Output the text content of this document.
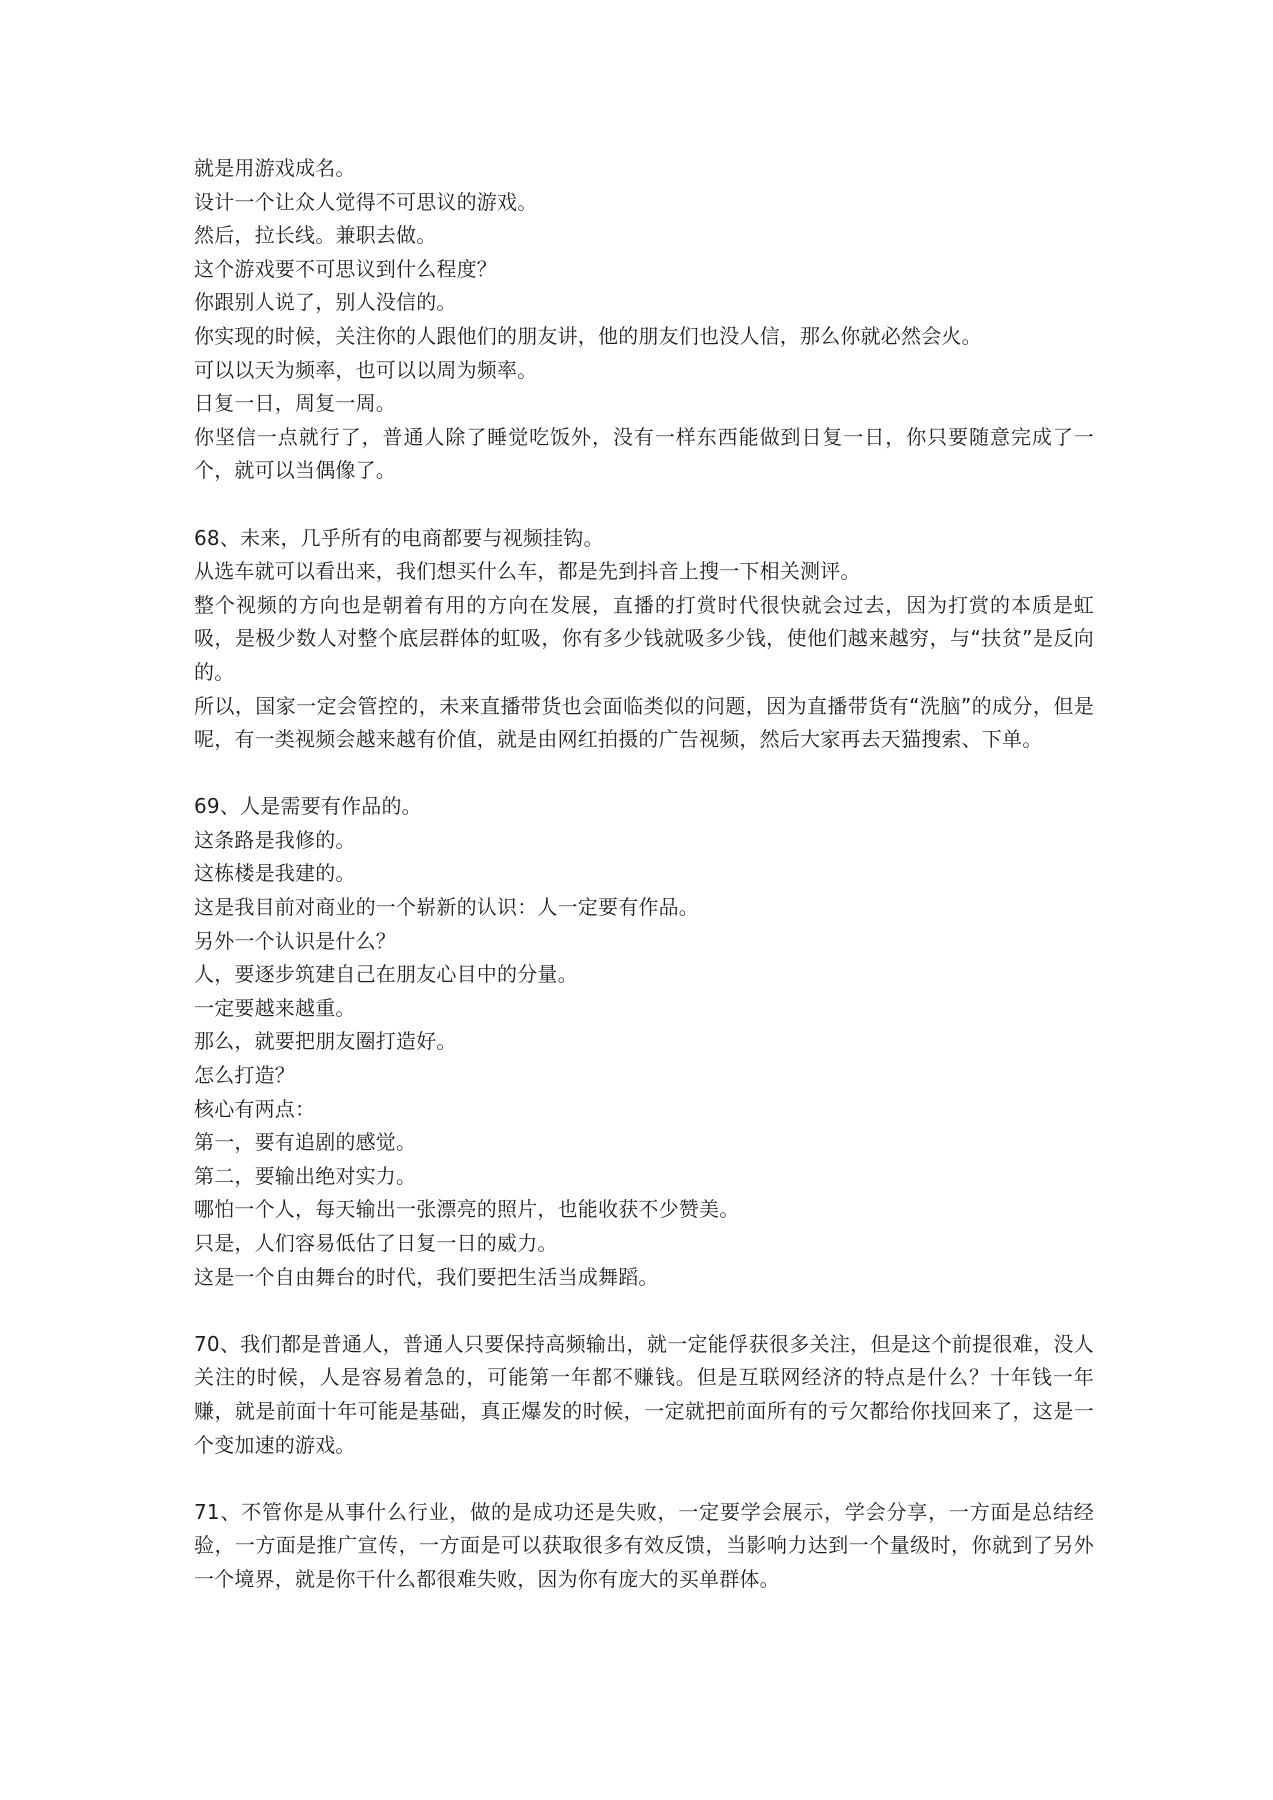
就是用游戏成名。
设计一个让众人觉得不可思议的游戏。
然后，拉长线。兼职去做。
这个游戏要不可思议到什么程度？
你跟别人说了，别人没信的。
你实现的时候，关注你的人跟他们的朋友讲，他的朋友们也没人信，那么你就必然会火。
可以以天为频率，也可以以周为频率。
日复一日，周复一周。

你坚信一点就行了，普通人除了睡觉吃饭外，没有一样东西能做到日复一日，你只要随意完成了一个，就可以当偶像了。

68、未来，几乎所有的电商都要与视频挂钩。
从选车就可以看出来，我们想买什么车，都是先到抖音上搜一下相关测评。

整个视频的方向也是朝着有用的方向在发展，直播的打赏时代很快就会过去，因为打赏的本质是虹吸，是极少数人对整个底层群体的虹吸，你有多少钱就吸多少钱，使他们越来越穷，与“扶贫”是反向的。

所以，国家一定会管控的，未来直播带货也会面临类似的问题，因为直播带货有“洗脑”的成分，但是呢，有一类视频会越来越有价值，就是由网红拍摄的广告视频，然后大家再去天猫搜索、下单。

69、人是需要有作品的。
这条路是我修的。
这栋楼是我建的。
这是我目前对商业的一个崭新的认识：人一定要有作品。
另外一个认识是什么？
人，要逐步筑建自己在朋友心目中的分量。
一定要越来越重。
那么，就要把朋友圈打造好。
怎么打造？
核心有两点：
第一，要有追剧的感觉。
第二，要输出绝对实力。
哪怕一个人，每天输出一张漂亮的照片，也能收获不少赞美。
只是，人们容易低估了日复一日的威力。
这是一个自由舞台的时代，我们要把生活当成舞蹈。

70、我们都是普通人，普通人只要保持高频输出，就一定能俘获很多关注，但是这个前提很难，没人关注的时候，人是容易着急的，可能第一年都不赚钱。但是互联网经济的特点是什么？十年钱一年赚，就是前面十年可能是基础，真正爆发的时候，一定就把前面所有的亏欠都给你找回来了，这是一个变加速的游戏。

71、不管你是从事什么行业，做的是成功还是失败，一定要学会展示，学会分享，一方面是总结经验，一方面是推广宣传，一方面是可以获取很多有效反馈，当影响力达到一个量级时，你就到了另外一个境界，就是你干什么都很难失败，因为你有庞大的买单群体。
